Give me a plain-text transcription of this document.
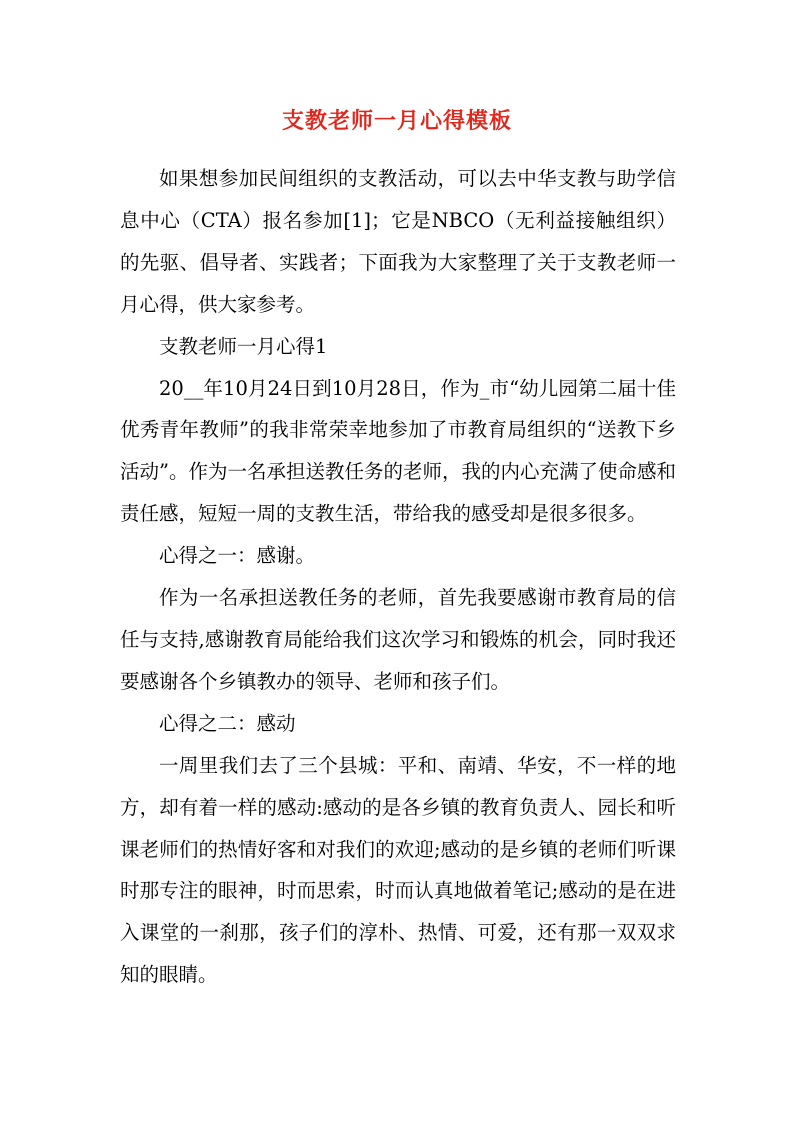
支教老师一月心得模板

如果想参加民间组织的支教活动，可以去中华支教与助学信息中心（CTA）报名参加[1]；它是NBCO（无利益接触组织）的先驱、倡导者、实践者；下面我为大家整理了关于支教老师一月心得，供大家参考。

支教老师一月心得1

20__年10月24日到10月28日，作为_市“幼儿园第二届十佳优秀青年教师”的我非常荣幸地参加了市教育局组织的“送教下乡活动”。作为一名承担送教任务的老师，我的内心充满了使命感和责任感，短短一周的支教生活，带给我的感受却是很多很多。

心得之一：感谢。

作为一名承担送教任务的老师，首先我要感谢市教育局的信任与支持,感谢教育局能给我们这次学习和锻炼的机会，同时我还要感谢各个乡镇教办的领导、老师和孩子们。

心得之二：感动

一周里我们去了三个县城：平和、南靖、华安，不一样的地方，却有着一样的感动:感动的是各乡镇的教育负责人、园长和听课老师们的热情好客和对我们的欢迎;感动的是乡镇的老师们听课时那专注的眼神，时而思索，时而认真地做着笔记;感动的是在进入课堂的一刹那，孩子们的淳朴、热情、可爱，还有那一双双求知的眼睛。
